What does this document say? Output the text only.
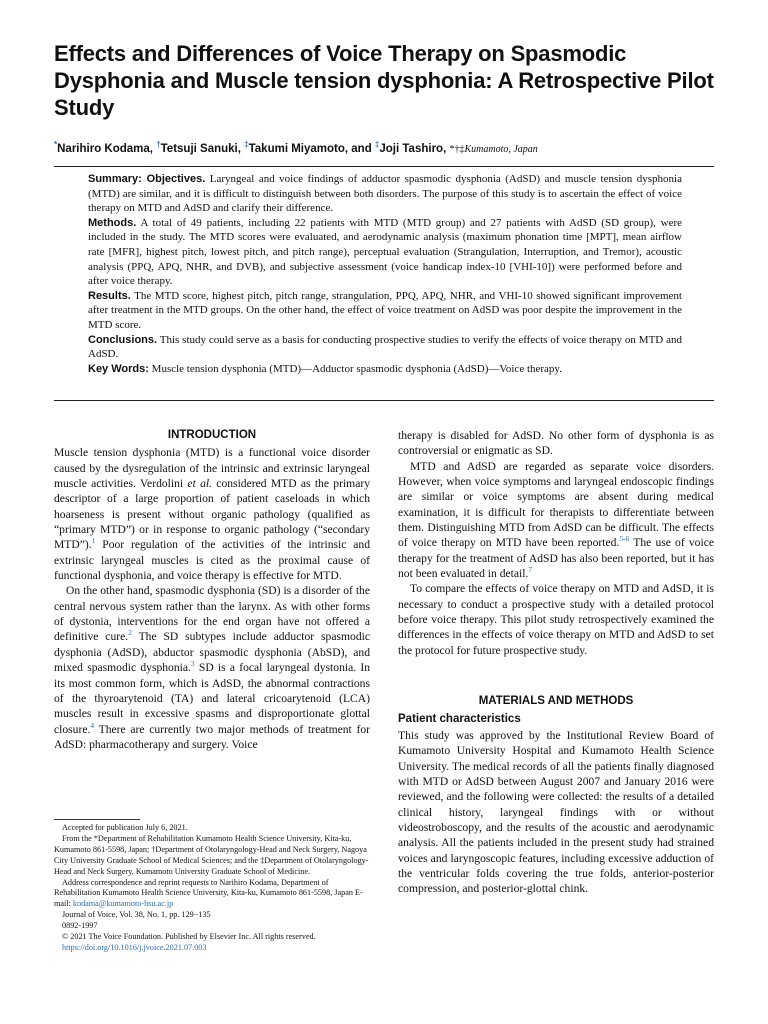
Effects and Differences of Voice Therapy on Spasmodic Dysphonia and Muscle tension dysphonia: A Retrospective Pilot Study
*Narihiro Kodama, †Tetsuji Sanuki, ‡Takumi Miyamoto, and ‡Joji Tashiro, *†‡Kumamoto, Japan

Summary: Objectives. Laryngeal and voice findings of adductor spasmodic dysphonia (AdSD) and muscle tension dysphonia (MTD) are similar, and it is difficult to distinguish between both disorders. The purpose of this study is to ascertain the effect of voice therapy on MTD and AdSD and clarify their difference.

Methods. A total of 49 patients, including 22 patients with MTD (MTD group) and 27 patients with AdSD (SD group), were included in the study. The MTD scores were evaluated, and aerodynamic analysis (maximum phonation time [MPT], mean airflow rate [MFR], highest pitch, lowest pitch, and pitch range), perceptual evaluation (Strangulation, Interruption, and Tremor), acoustic analysis (PPQ, APQ, NHR, and DVB), and subjective assessment (voice handicap index-10 [VHI-10]) were performed before and after voice therapy.

Results. The MTD score, highest pitch, pitch range, strangulation, PPQ, APQ, NHR, and VHI-10 showed significant improvement after treatment in the MTD groups. On the other hand, the effect of voice treatment on AdSD was poor despite the improvement in the MTD score.

Conclusions. This study could serve as a basis for conducting prospective studies to verify the effects of voice therapy on MTD and AdSD.

Key Words: Muscle tension dysphonia (MTD)—Adductor spasmodic dysphonia (AdSD)—Voice therapy.

INTRODUCTION

Muscle tension dysphonia (MTD) is a functional voice disorder caused by the dysregulation of the intrinsic and extrinsic laryngeal muscle activities. Verdolini et al. considered MTD as the primary descriptor of a large proportion of patient caseloads in which hoarseness is present without organic pathology (qualified as “primary MTD”) or in response to organic pathology (“secondary MTD”).$^1$ Poor regulation of the activities of the intrinsic and extrinsic laryngeal muscles is cited as the proximal cause of functional dysphonia, and voice therapy is effective for MTD.

On the other hand, spasmodic dysphonia (SD) is a disorder of the central nervous system rather than the larynx. As with other forms of dystonia, interventions for the end organ have not offered a definitive cure.$^2$ The SD subtypes include adductor spasmodic dysphonia (AdSD), abductor spasmodic dysphonia (AbSD), and mixed spasmodic dysphonia.$^3$ SD is a focal laryngeal dystonia. In its most common form, which is AdSD, the abnormal contractions of the thyroarytenoid (TA) and lateral cricoarytenoid (LCA) muscles result in excessive spasms and disproportionate glottal closure.$^4$ There are currently two major methods of treatment for AdSD: pharmacotherapy and surgery. Voice

Accepted for publication July 6, 2021.

From the *Department of Rehabilitation Kumamoto Health Science University, Kita-ku, Kumamoto 861-5598, Japan; †Department of Otolaryngology-Head and Neck Surgery, Nagoya City University Graduate School of Medical Sciences; and the ‡Department of Otolaryngology-Head and Neck Surgery, Kumamoto University Graduate School of Medicine.

Address correspondence and reprint requests to Narihiro Kodama, Department of Rehabilitation Kumamoto Health Science University, Kita-ku, Kumamoto 861-5598, Japan E-mail: kodama@kumamoto-hsu.ac.jp

Journal of Voice, Vol. 38, No. 1, pp. 129−135

0892-1997

© 2021 The Voice Foundation. Published by Elsevier Inc. All rights reserved.

https://doi.org/10.1016/j.jvoice.2021.07.003

therapy is disabled for AdSD. No other form of dysphonia is as controversial or enigmatic as SD.

MTD and AdSD are regarded as separate voice disorders. However, when voice symptoms and laryngeal endoscopic findings are similar or voice symptoms are absent during medical examination, it is difficult for therapists to differentiate between them. Distinguishing MTD from AdSD can be difficult. The effects of voice therapy on MTD have been reported.$^{5-6}$ The use of voice therapy for the treatment of AdSD has also been reported, but it has not been evaluated in detail.$^7$

To compare the effects of voice therapy on MTD and AdSD, it is necessary to conduct a prospective study with a detailed protocol before voice therapy. This pilot study retrospectively examined the differences in the effects of voice therapy on MTD and AdSD to set the protocol for future prospective study.

MATERIALS AND METHODS
Patient characteristics

This study was approved by the Institutional Review Board of Kumamoto University Hospital and Kumamoto Health Science University. The medical records of all the patients finally diagnosed with MTD or AdSD between August 2007 and January 2016 were reviewed, and the following were collected: the results of a detailed clinical history, laryngeal findings with or without videostroboscopy, and the results of the acoustic and aerodynamic analysis. All the patients included in the present study had strained voices and laryngoscopic features, including excessive adduction of the ventricular folds covering the true folds, anterior-posterior compression, and posterior-glottal chink.
